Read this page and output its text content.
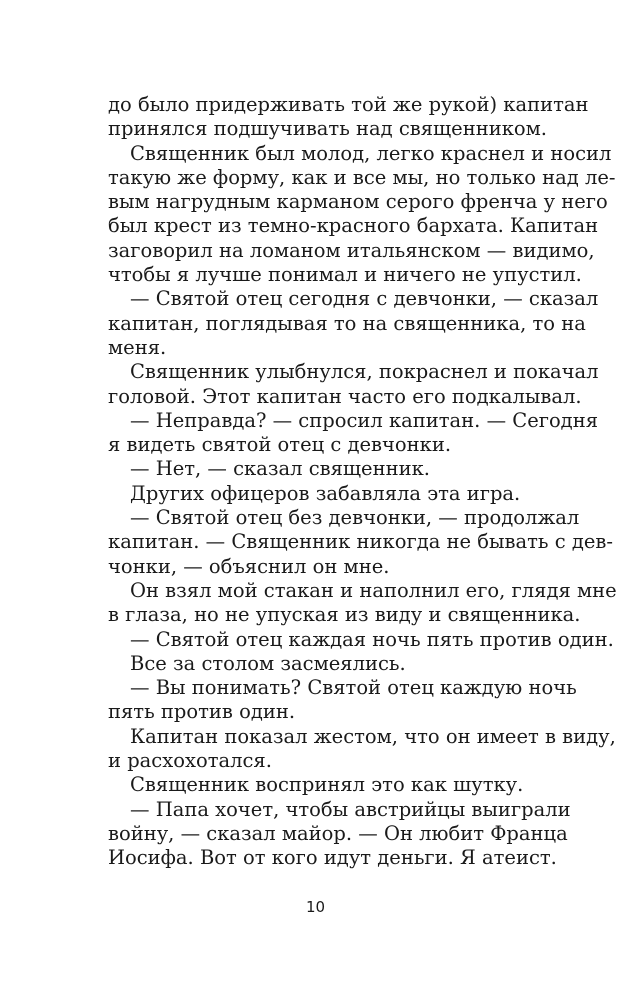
до было придерживать той же рукой) капитан
принялся подшучивать над священником.
Священник был молод, легко краснел и носил
такую же форму, как и все мы, но только над ле-
вым нагрудным карманом серого френча у него
был крест из темно-красного бархата. Капитан
заговорил на ломаном итальянском — видимо,
чтобы я лучше понимал и ничего не упустил.
— Святой отец сегодня с девчонки, — сказал
капитан, поглядывая то на священника, то на
меня.
Священник улыбнулся, покраснел и покачал
головой. Этот капитан часто его подкалывал.
— Неправда? — спросил капитан. — Сегодня
я видеть святой отец с девчонки.
— Нет, — сказал священник.
Других офицеров забавляла эта игра.
— Святой отец без девчонки, — продолжал
капитан. — Священник никогда не бывать с дев-
чонки, — объяснил он мне.
Он взял мой стакан и наполнил его, глядя мне
в глаза, но не упуская из виду и священника.
— Святой отец каждая ночь пять против один.
Все за столом засмеялись.
— Вы понимать? Святой отец каждую ночь
пять против один.
Капитан показал жестом, что он имеет в виду,
и расхохотался.
Священник воспринял это как шутку.
— Папа хочет, чтобы австрийцы выиграли
войну, — сказал майор. — Он любит Франца
Иосифа. Вот от кого идут деньги. Я атеист.
10
